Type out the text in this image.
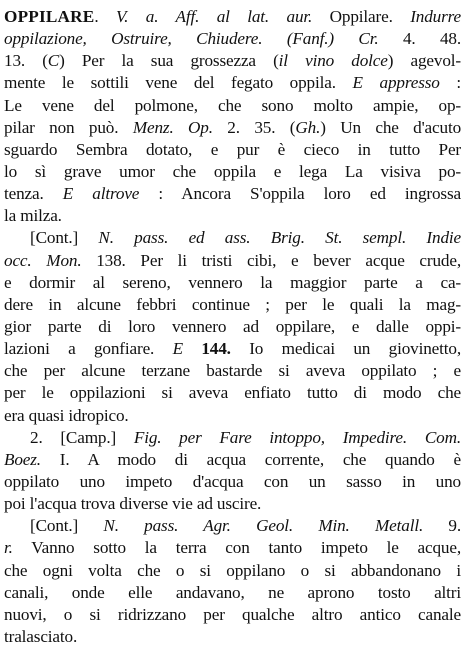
OPPILARE. V. a. Aff. al lat. aur. Oppilare. Indurre
oppilazione, Ostruire, Chiudere. (Fanf.) Cr. 4. 48.
13. (C) Per la sua grossezza (il vino dolce) agevol-
mente le sottili vene del fegato oppila. E appresso :
Le vene del polmone, che sono molto ampie, op-
pilar non può. Menz. Op. 2. 35. (Gh.) Un che d'acuto
sguardo Sembra dotato, e pur è cieco in tutto Per
lo sì grave umor che oppila e lega La visiva po-
tenza. E altrove : Ancora S'oppila loro ed ingrossa
la milza.
[Cont.] N. pass. ed ass. Brig. St. sempl. Indie
occ. Mon. 138. Per li tristi cibi, e bever acque crude,
e dormir al sereno, vennero la maggior parte a ca-
dere in alcune febbri continue ; per le quali la mag-
gior parte di loro vennero ad oppilare, e dalle oppi-
lazioni a gonfiare. E 144. Io medicai un giovinetto,
che per alcune terzane bastarde si aveva oppilato ; e
per le oppilazioni si aveva enfiato tutto di modo che
era quasi idropico.
2. [Camp.] Fig. per Fare intoppo, Impedire. Com.
Boez. I. A modo di acqua corrente, che quando è
oppilato uno impeto d'acqua con un sasso in uno
poi l'acqua trova diverse vie ad uscire.
[Cont.] N. pass. Agr. Geol. Min. Metall. 9.
r. Vanno sotto la terra con tanto impeto le acque,
che ogni volta che o si oppilano o si abbandonano i
canali, onde elle andavano, ne aprono tosto altri
nuovi, o si ridrizzano per qualche altro antico canale
tralasciato.
